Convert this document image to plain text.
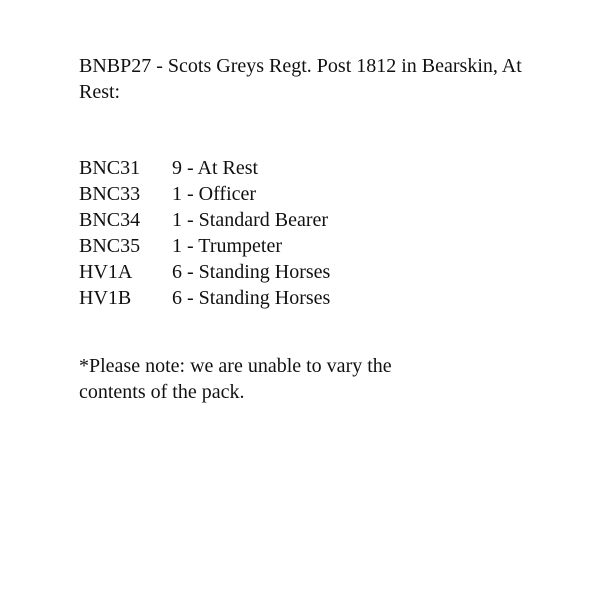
BNBP27 - Scots Greys Regt. Post 1812 in Bearskin, At Rest:
BNC31	9 - At Rest
BNC33	1 - Officer
BNC34	1 - Standard Bearer
BNC35	1 - Trumpeter
HV1A	6 - Standing Horses
HV1B	6 - Standing Horses

*Please note: we are unable to vary the contents of the pack.
